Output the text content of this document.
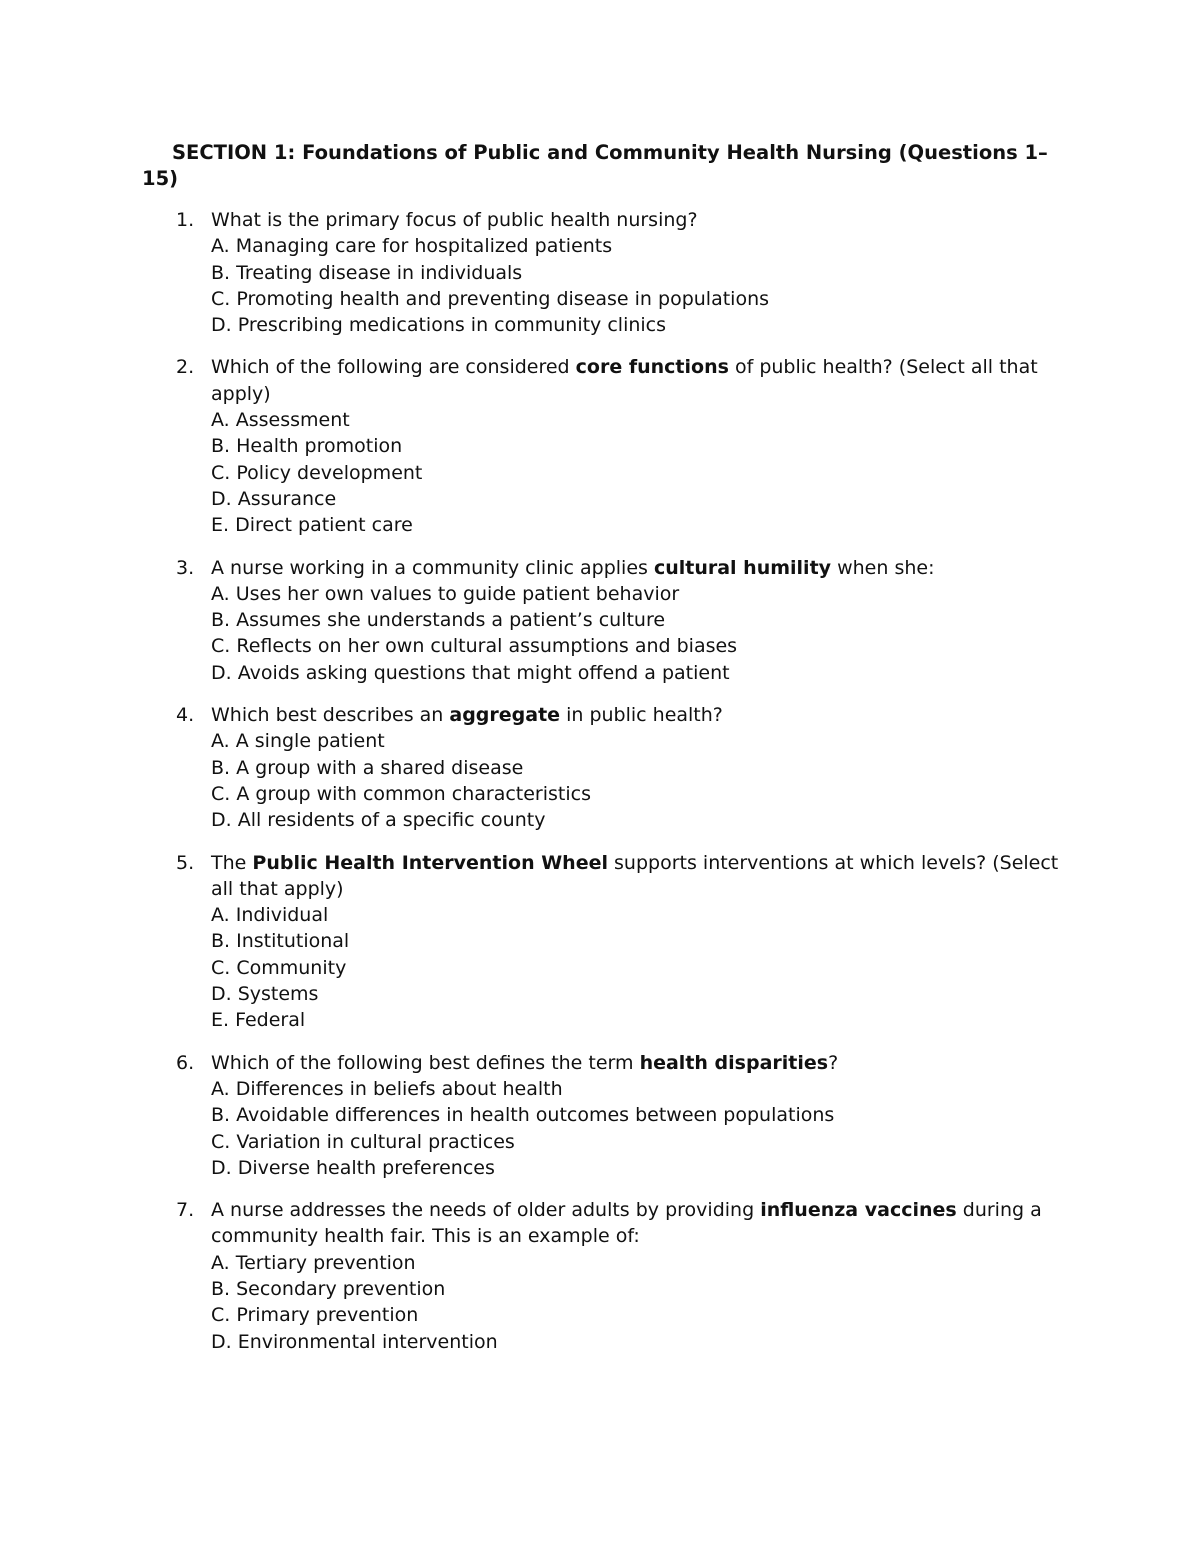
SECTION 1: Foundations of Public and Community Health Nursing (Questions 1–15)

1. What is the primary focus of public health nursing?
A. Managing care for hospitalized patients
B. Treating disease in individuals
C. Promoting health and preventing disease in populations
D. Prescribing medications in community clinics
2. Which of the following are considered core functions of public health? (Select all that apply)
A. Assessment
B. Health promotion
C. Policy development
D. Assurance
E. Direct patient care
3. A nurse working in a community clinic applies cultural humility when she:
A. Uses her own values to guide patient behavior
B. Assumes she understands a patient’s culture
C. Reflects on her own cultural assumptions and biases
D. Avoids asking questions that might offend a patient
4. Which best describes an aggregate in public health?
A. A single patient
B. A group with a shared disease
C. A group with common characteristics
D. All residents of a specific county
5. The Public Health Intervention Wheel supports interventions at which levels? (Select all that apply)
A. Individual
B. Institutional
C. Community
D. Systems
E. Federal
6. Which of the following best defines the term health disparities?
A. Differences in beliefs about health
B. Avoidable differences in health outcomes between populations
C. Variation in cultural practices
D. Diverse health preferences
7. A nurse addresses the needs of older adults by providing influenza vaccines during a community health fair. This is an example of:
A. Tertiary prevention
B. Secondary prevention
C. Primary prevention
D. Environmental intervention
